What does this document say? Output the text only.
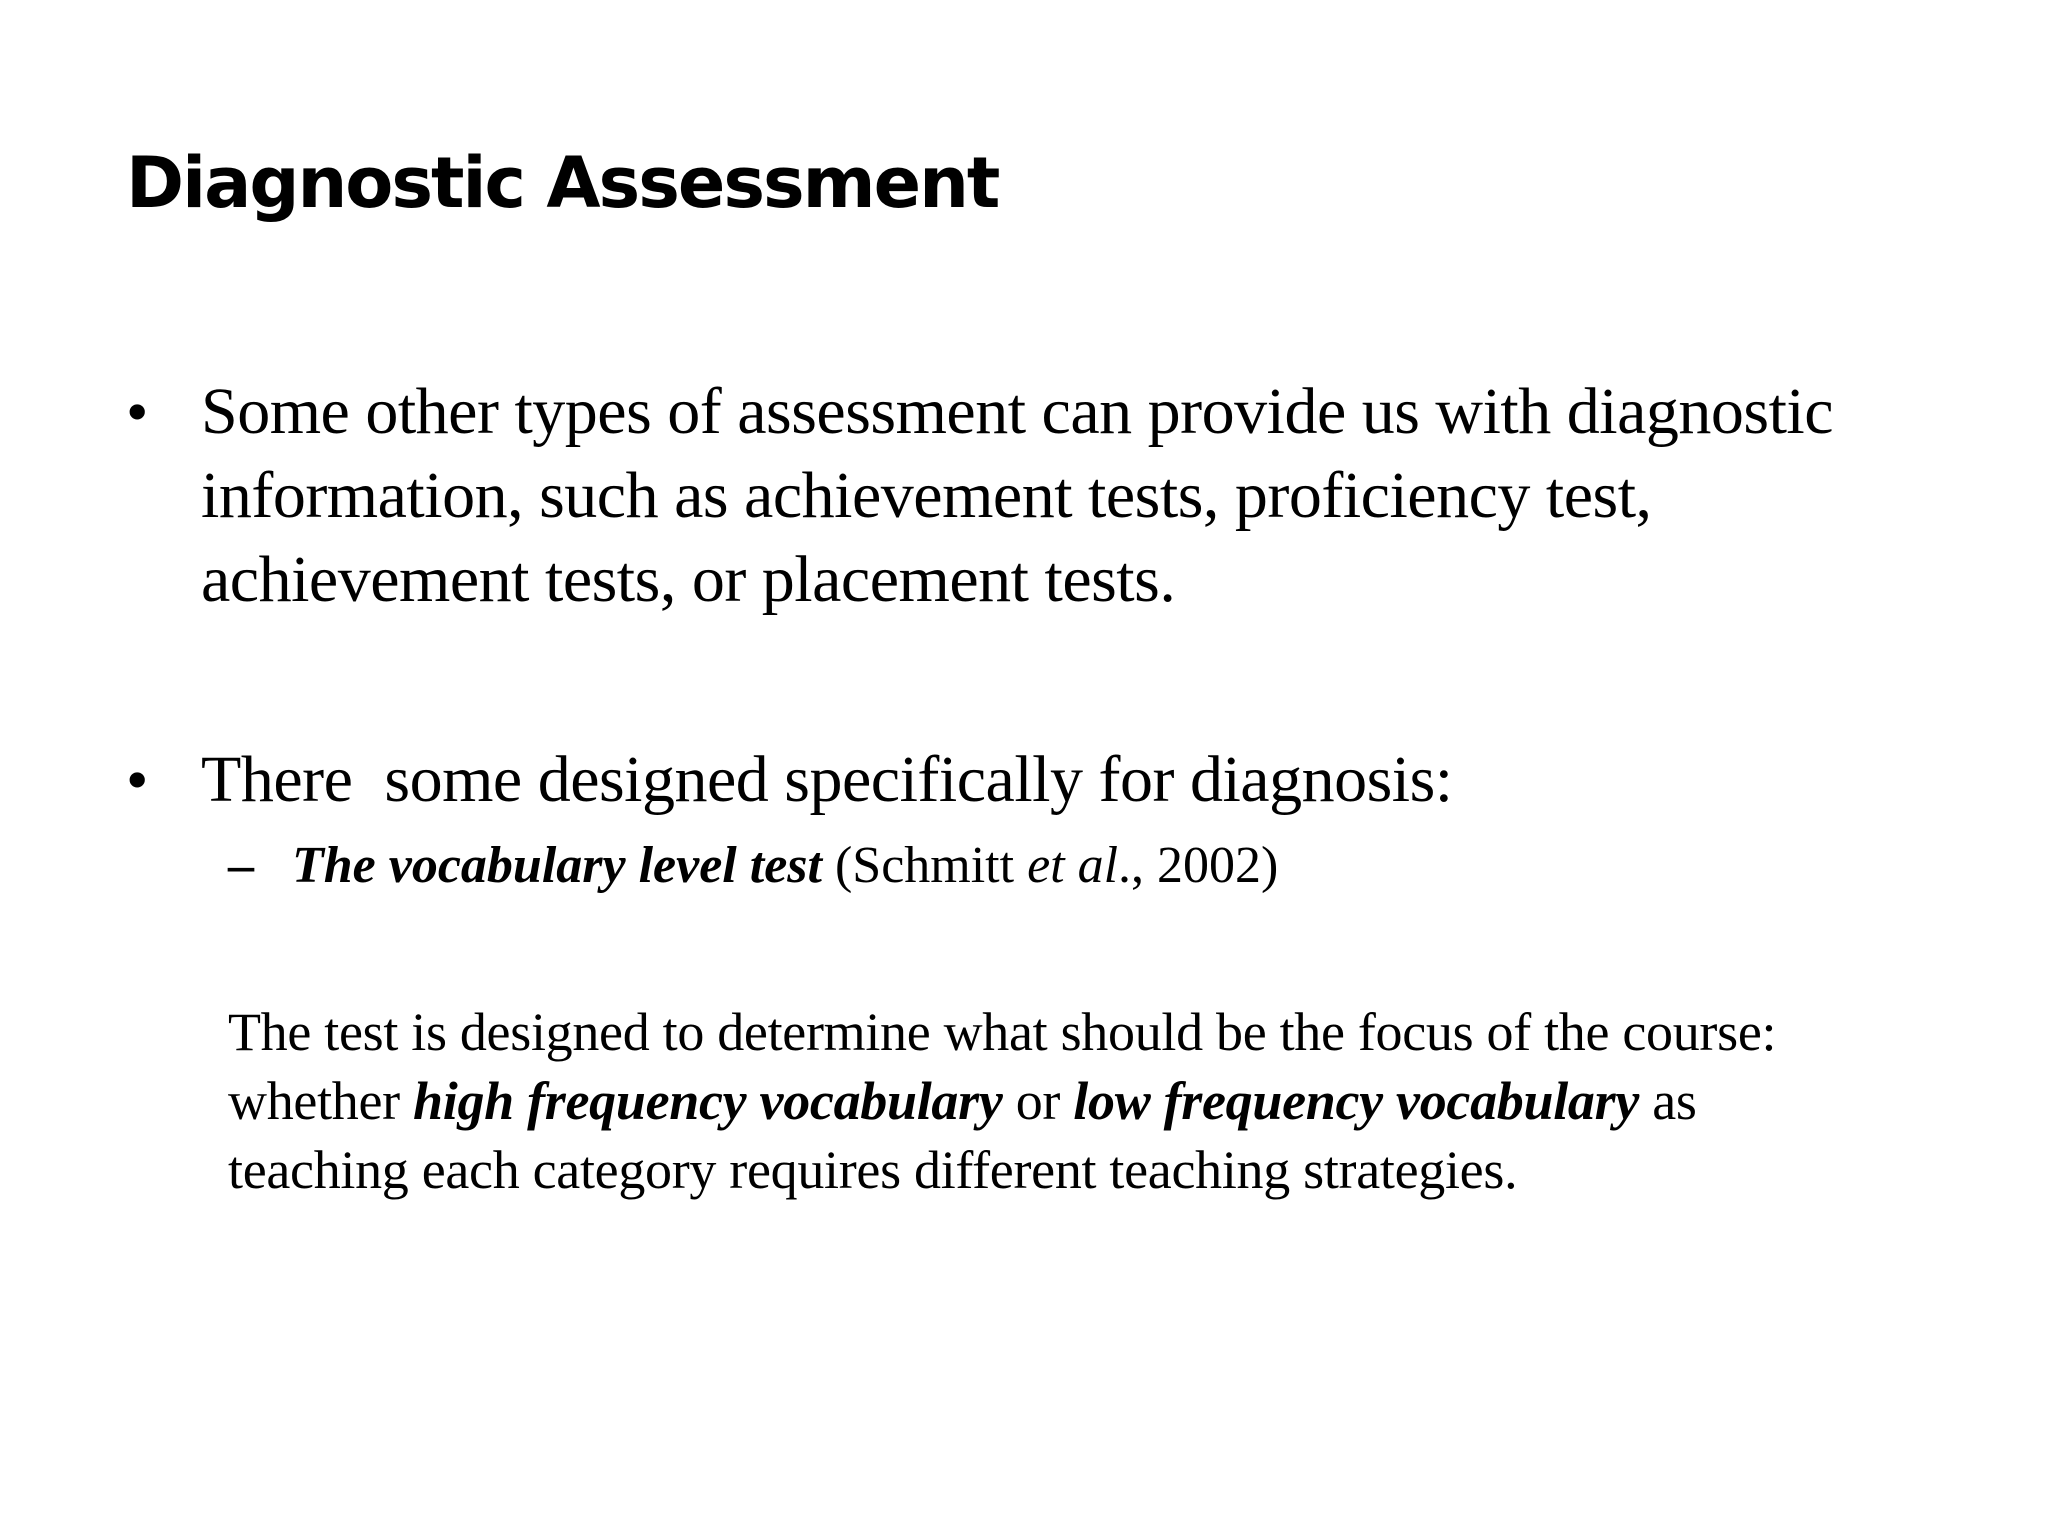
Diagnostic Assessment
• Some other types of assessment can provide us with diagnostic information, such as achievement tests, proficiency test, achievement tests, or placement tests.
• There  some designed specifically for diagnosis:
– The vocabulary level test (Schmitt et al., 2002)

The test is designed to determine what should be the focus of the course: whether high frequency vocabulary or low frequency vocabulary as teaching each category requires different teaching strategies.
